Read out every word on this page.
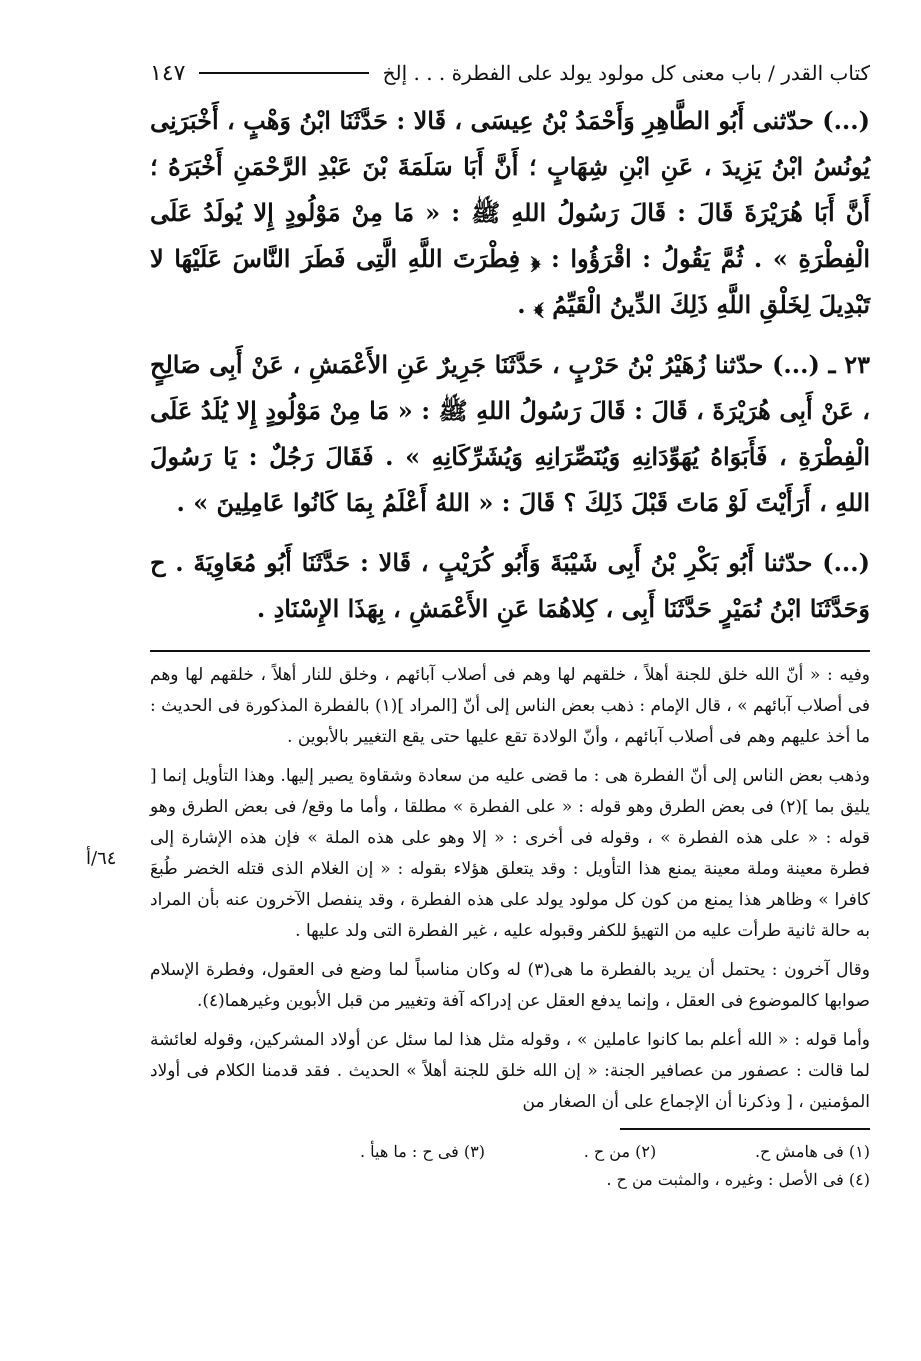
كتاب القدر / باب معنى كل مولود يولد على الفطرة . . . إلخ
١٤٧

(...) حدّثنى أَبُو الطَّاهِرِ وَأَحْمَدُ بْنُ عِيسَى ، قَالا : حَدَّثَنَا ابْنُ وَهْبٍ ، أَخْبَرَنِى يُونُسُ ابْنُ يَزِيدَ ، عَنِ ابْنِ شِهَابٍ ؛ أَنَّ أَبَا سَلَمَةَ بْنَ عَبْدِ الرَّحْمَنِ أَخْبَرَهُ ؛ أَنَّ أَبَا هُرَيْرَةَ قَالَ : قَالَ رَسُولُ اللهِ ﷺ : « مَا مِنْ مَوْلُودٍ إِلا يُولَدُ عَلَى الْفِطْرَةِ » . ثُمَّ يَقُولُ : اقْرَؤُوا : ﴿ فِطْرَتَ اللَّهِ الَّتِى فَطَرَ النَّاسَ عَلَيْهَا لا تَبْدِيلَ لِخَلْقِ اللَّهِ ذَلِكَ الدِّينُ الْقَيِّمُ ﴾ .

٢٣ ـ (...) حدّثنا زُهَيْرُ بْنُ حَرْبٍ ، حَدَّثَنَا جَرِيرٌ عَنِ الأَعْمَشِ ، عَنْ أَبِى صَالِحٍ ، عَنْ أَبِى هُرَيْرَةَ ، قَالَ : قَالَ رَسُولُ اللهِ ﷺ : « مَا مِنْ مَوْلُودٍ إِلا يُلَدُ عَلَى الْفِطْرَةِ ، فَأَبَوَاهُ يُهَوِّدَانِهِ وَيُنَصِّرَانِهِ وَيُشَرِّكَانِهِ » . فَقَالَ رَجُلٌ : يَا رَسُولَ اللهِ ، أَرَأَيْتَ لَوْ مَاتَ قَبْلَ ذَلِكَ ؟ قَالَ : « اللهُ أَعْلَمُ بِمَا كَانُوا عَامِلِينَ » .

(...) حدّثنا أَبُو بَكْرِ بْنُ أَبِى شَيْبَةَ وَأَبُو كُرَيْبٍ ، قَالا : حَدَّثَنَا أَبُو مُعَاوِيَةَ . ح وَحَدَّثَنَا ابْنُ نُمَيْرٍ حَدَّثَنَا أَبِى ، كِلاهُمَا عَنِ الأَعْمَشِ ، بِهَذَا الإِسْنَادِ .

وفيه : « أنّ الله خلق للجنة أهلاً ، خلقهم لها وهم فى أصلاب آبائهم ، وخلق للنار أهلاً ، خلقهم لها وهم فى أصلاب آبائهم » ، قال الإمام : ذهب بعض الناس إلى أنّ [المراد ](١) بالفطرة المذكورة فى الحديث : ما أخذ عليهم وهم فى أصلاب آبائهم ، وأنّ الولادة تقع عليها حتى يقع التغيير بالأبوين .

وذهب بعض الناس إلى أنّ الفطرة هى : ما قضى عليه من سعادة وشقاوة يصير إليها. وهذا التأويل إنما [ يليق بما ](٢) فى بعض الطرق وهو قوله : « على الفطرة » مطلقا ، وأما ما وقع/ فى بعض الطرق وهو قوله : « على هذه الفطرة » ، وقوله فى أخرى : « إلا وهو على هذه الملة » فإن هذه الإشارة إلى فطرة معينة وملة معينة يمنع هذا التأويل : وقد يتعلق هؤلاء بقوله : « إن الغلام الذى قتله الخضر طُبعَ كافرا » وظاهر هذا يمنع من كون كل مولود يولد على هذه الفطرة ، وقد ينفصل الآخرون عنه بأن المراد به حالة ثانية طرأت عليه من التهيؤ للكفر وقبوله عليه ، غير الفطرة التى ولد عليها .

وقال آخرون : يحتمل أن يريد بالفطرة ما هى(٣) له وكان مناسباً لما وضع فى العقول، وفطرة الإسلام صوابها كالموضوع فى العقل ، وإنما يدفع العقل عن إدراكه آفة وتغيير من قبل الأبوين وغيرهما(٤).

وأما قوله : « الله أعلم بما كانوا عاملين » ، وقوله مثل هذا لما سئل عن أولاد المشركين، وقوله لعائشة لما قالت : عصفور من عصافير الجنة: « إن الله خلق للجنة أهلاً » الحديث . فقد قدمنا الكلام فى أولاد المؤمنين ، [ وذكرنا أن الإجماع على أن الصغار من

(١) فى هامش ح.
(٢) من ح .
(٣) فى ح : ما هيأ .

(٤) فى الأصل : وغيره ، والمثبت من ح .

٦٤/أ
